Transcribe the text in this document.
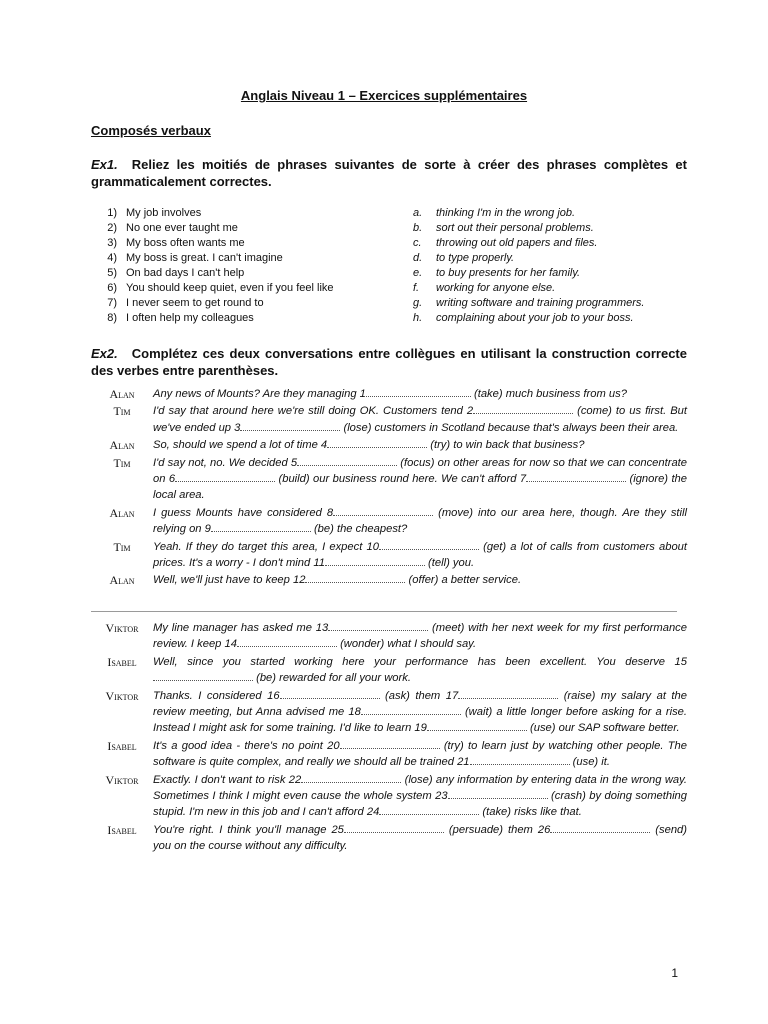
Anglais Niveau 1 – Exercices supplémentaires
Composés verbaux
Ex1. Reliez les moitiés de phrases suivantes de sorte à créer des phrases complètes et grammaticalement correctes.
1) My job involves	a. thinking I'm in the wrong job.
2) No one ever taught me	b. sort out their personal problems.
3) My boss often wants me	c. throwing out old papers and files.
4) My boss is great. I can't imagine	d. to type properly.
5) On bad days I can't help	e. to buy presents for her family.
6) You should keep quiet, even if you feel like	f. working for anyone else.
7) I never seem to get round to	g. writing software and training programmers.
8) I often help my colleagues	h. complaining about your job to your boss.
Ex2. Complétez ces deux conversations entre collègues en utilisant la construction correcte des verbes entre parenthèses.
Alan	Any news of Mounts? Are they managing 1	(take) much business from us?
Tim	I'd say that around here we're still doing OK. Customers tend 2	(come) to us first. But we've ended up 3	(lose) customers in Scotland because that's always been their area.
Alan	So, should we spend a lot of time 4	(try) to win back that business?
Tim	I'd say not, no. We decided 5	(focus) on other areas for now so that we can concentrate on 6	(build) our business round here. We can't afford 7	(ignore) the local area.
Alan	I guess Mounts have considered 8	(move) into our area here, though. Are they still relying on 9	(be) the cheapest?
Tim	Yeah. If they do target this area, I expect 10	(get) a lot of calls from customers about prices. It's a worry - I don't mind 11	(tell) you.
Alan	Well, we'll just have to keep 12	(offer) a better service.
Viktor	My line manager has asked me 13	(meet) with her next week for my first performance review. I keep 14	(wonder) what I should say.
Isabel	Well, since you started working here your performance has been excellent. You deserve 15 (be) rewarded for all your work.
Viktor	Thanks. I considered 16	(ask) them 17	(raise) my salary at the review meeting, but Anna advised me 18	(wait) a little longer before asking for a rise. Instead I might ask for some training. I'd like to learn 19	(use) our SAP software better.
Isabel	It's a good idea - there's no point 20	(try) to learn just by watching other people. The software is quite complex, and really we should all be trained 21	(use) it.
Viktor	Exactly. I don't want to risk 22	(lose) any information by entering data in the wrong way. Sometimes I think I might even cause the whole system 23	(crash) by doing something stupid. I'm new in this job and I can't afford 24	(take) risks like that.
Isabel	You're right. I think you'll manage 25	(persuade) them 26	(send) you on the course without any difficulty.
1
